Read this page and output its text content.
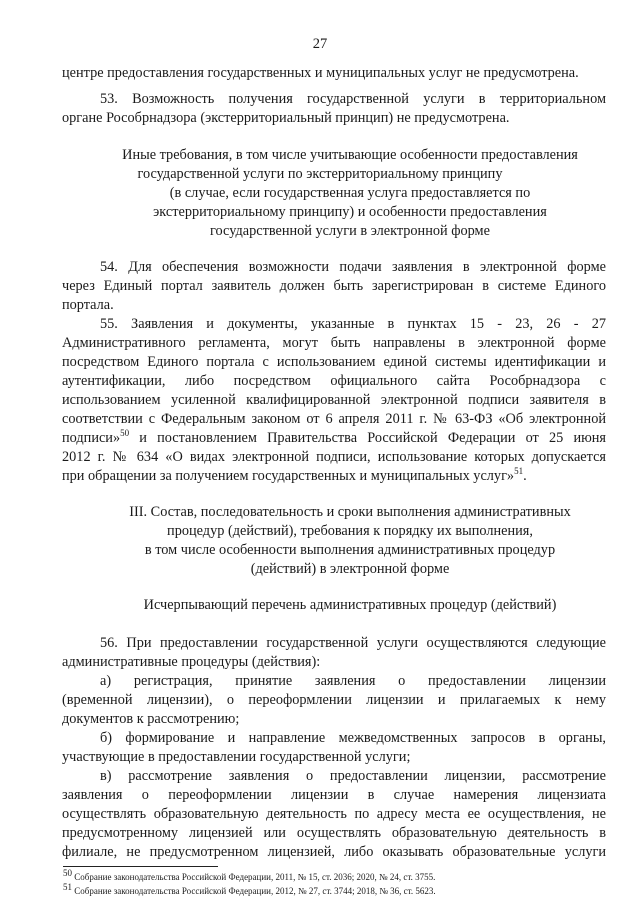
27
центре предоставления государственных и муниципальных услуг не предусмотрена.
53. Возможность получения государственной услуги в территориальном
органе Рособрнадзора (экстерриториальный принцип) не предусмотрена.
Иные требования, в том числе учитывающие особенности предоставления
государственной услуги по экстерриториальному принципу
(в случае, если государственная услуга предоставляется по
экстерриториальному принципу) и особенности предоставления
государственной услуги в электронной форме
54. Для обеспечения возможности подачи заявления в электронной форме
через Единый портал заявитель должен быть зарегистрирован в системе Единого
портала.
55. Заявления и документы, указанные в пунктах 15 - 23, 26 - 27
Административного регламента, могут быть направлены в электронной форме
посредством Единого портала с использованием единой системы идентификации и
аутентификации, либо посредством официального сайта Рособрнадзора с
использованием усиленной квалифицированной электронной подписи заявителя в
соответствии с Федеральным законом от 6 апреля 2011 г. № 63-ФЗ «Об электронной
подписи»$^{50}$ и постановлением Правительства Российской Федерации от 25 июня
2012 г. № 634 «О видах электронной подписи, использование которых допускается
при обращении за получением государственных и муниципальных услуг»$^{51}$.
III. Состав, последовательность и сроки выполнения административных
процедур (действий), требования к порядку их выполнения,
в том числе особенности выполнения административных процедур
(действий) в электронной форме
Исчерпывающий перечень административных процедур (действий)
56. При предоставлении государственной услуги осуществляются следующие
административные процедуры (действия):
а) регистрация, принятие заявления о предоставлении лицензии
(временной лицензии), о переоформлении лицензии и прилагаемых к нему
документов к рассмотрению;
б) формирование и направление межведомственных запросов в органы,
участвующие в предоставлении государственной услуги;
в) рассмотрение заявления о предоставлении лицензии, рассмотрение
заявления о переоформлении лицензии в случае намерения лицензиата
осуществлять образовательную деятельность по адресу места ее осуществления, не
предусмотренному лицензией или осуществлять образовательную деятельность в
филиале, не предусмотренном лицензией, либо оказывать образовательные услуги
$^{50}$ Собрание законодательства Российской Федерации, 2011, № 15, ст. 2036; 2020, № 24, ст. 3755.
$^{51}$ Собрание законодательства Российской Федерации, 2012, № 27, ст. 3744; 2018, № 36, ст. 5623.
